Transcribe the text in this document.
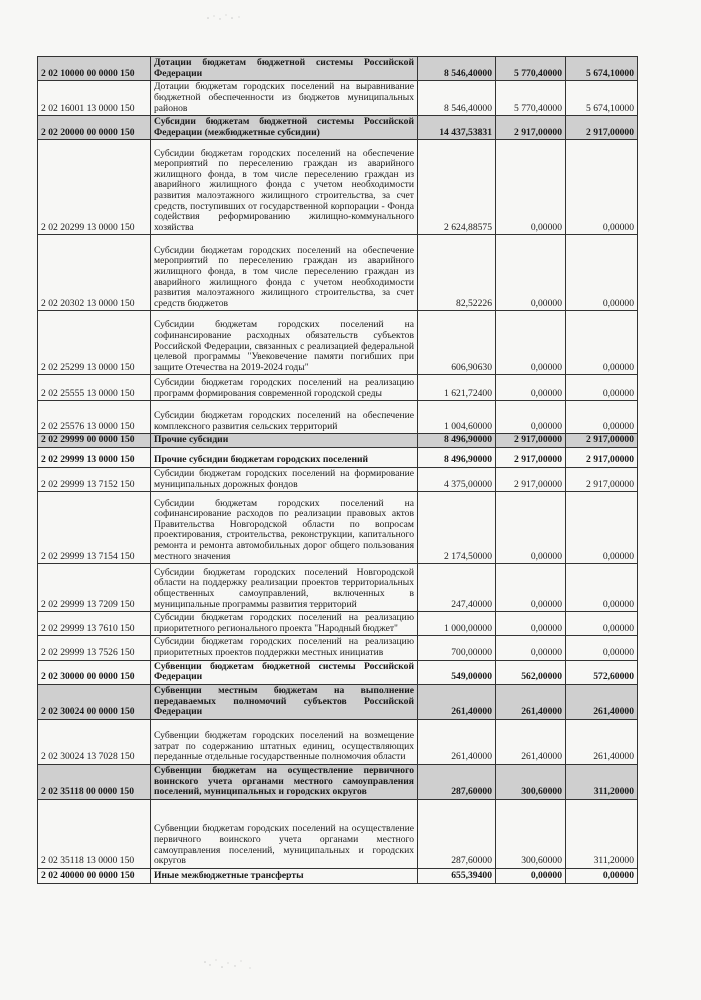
2 02 10000 00 0000 150	Дотации бюджетам бюджетной системы Российской Федерации	8 546,40000	5 770,40000	5 674,10000
2 02 16001 13 0000 150	Дотации бюджетам городских поселений на выравнивание бюджетной обеспеченности из бюджетов муниципальных районов	8 546,40000	5 770,40000	5 674,10000
2 02 20000 00 0000 150	Субсидии бюджетам бюджетной системы Российской Федерации (межбюджетные субсидии)	14 437,53831	2 917,00000	2 917,00000
2 02 20299 13 0000 150	Субсидии бюджетам городских поселений на обеспечение мероприятий по переселению граждан из аварийного жилищного фонда, в том числе переселению граждан из аварийного жилищного фонда с учетом необходимости развития малоэтажного жилищного строительства, за счет средств, поступивших от государственной корпорации - Фонда содействия реформированию жилищно-коммунального хозяйства	2 624,88575	0,00000	0,00000
2 02 20302 13 0000 150	Субсидии бюджетам городских поселений на обеспечение мероприятий по переселению граждан из аварийного жилищного фонда, в том числе переселению граждан из аварийного жилищного фонда с учетом необходимости развития малоэтажного жилищного строительства, за счет средств бюджетов	82,52226	0,00000	0,00000
2 02 25299 13 0000 150	Субсидии бюджетам городских поселений на софинансирование расходных обязательств субъектов Российской Федерации, связанных с реализацией федеральной целевой программы "Увековечение памяти погибших при защите Отечества на 2019-2024 годы"	606,90630	0,00000	0,00000
2 02 25555 13 0000 150	Субсидии бюджетам городских поселений на реализацию программ формирования современной городской среды	1 621,72400	0,00000	0,00000
2 02 25576 13 0000 150	Субсидии бюджетам городских поселений на обеспечение комплексного развития сельских территорий	1 004,60000	0,00000	0,00000
2 02 29999 00 0000 150	Прочие субсидии	8 496,90000	2 917,00000	2 917,00000
2 02 29999 13 0000 150	Прочие субсидии бюджетам городских поселений	8 496,90000	2 917,00000	2 917,00000
2 02 29999 13 7152 150	Субсидии бюджетам городских поселений на формирование муниципальных дорожных фондов	4 375,00000	2 917,00000	2 917,00000
2 02 29999 13 7154 150	Субсидии бюджетам городских поселений на софинансирование расходов по реализации правовых актов Правительства Новгородской области по вопросам проектирования, строительства, реконструкции, капитального ремонта и ремонта автомобильных дорог общего пользования местного значения	2 174,50000	0,00000	0,00000
2 02 29999 13 7209 150	Субсидии бюджетам городских поселений Новгородской области на поддержку реализации проектов территориальных общественных самоуправлений, включенных в муниципальные программы развития территорий	247,40000	0,00000	0,00000
2 02 29999 13 7610 150	Субсидии бюджетам городских поселений на реализацию приоритетного регионального проекта "Народный бюджет"	1 000,00000	0,00000	0,00000
2 02 29999 13 7526 150	Субсидии бюджетам городских поселений на реализацию приоритетных проектов поддержки местных инициатив	700,00000	0,00000	0,00000
2 02 30000 00 0000 150	Субвенции бюджетам бюджетной системы Российской Федерации	549,00000	562,00000	572,60000
2 02 30024 00 0000 150	Субвенции местным бюджетам на выполнение передаваемых полномочий субъектов Российской Федерации	261,40000	261,40000	261,40000
2 02 30024 13 7028 150	Субвенции бюджетам городских поселений на возмещение затрат по содержанию штатных единиц, осуществляющих переданные отдельные государственные полномочия области	261,40000	261,40000	261,40000
2 02 35118 00 0000 150	Субвенции бюджетам на осуществление первичного воинского учета органами местного самоуправления поселений, муниципальных и городских округов	287,60000	300,60000	311,20000
2 02 35118 13 0000 150	Субвенции бюджетам городских поселений на осуществление первичного воинского учета органами местного самоуправления поселений, муниципальных и городских округов	287,60000	300,60000	311,20000
2 02 40000 00 0000 150	Иные межбюджетные трансферты	655,39400	0,00000	0,00000
